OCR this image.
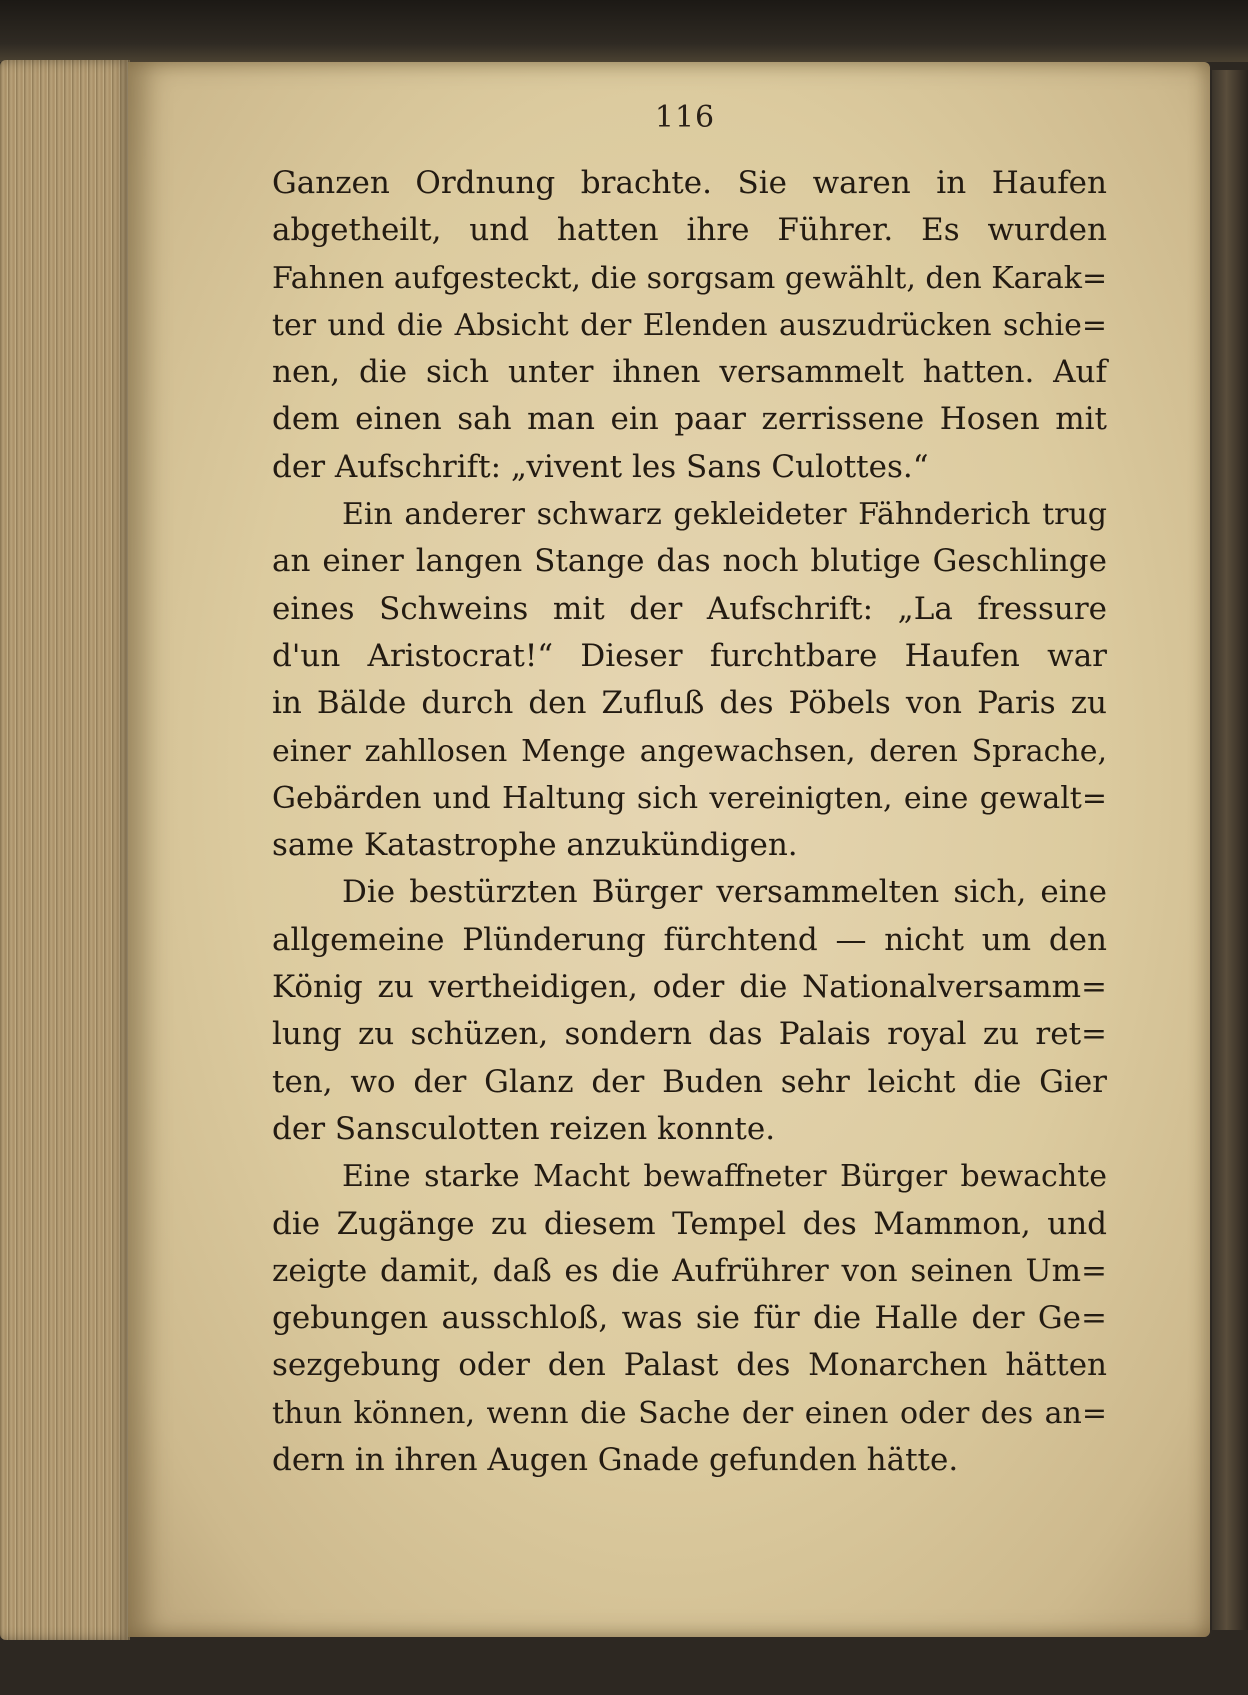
116
Ganzen Ordnung brachte. Sie waren in Haufen
abgetheilt, und hatten ihre Führer. Es wurden
Fahnen aufgesteckt, die sorgsam gewählt, den Karak=
ter und die Absicht der Elenden auszudrücken schie=
nen, die sich unter ihnen versammelt hatten. Auf
dem einen sah man ein paar zerrissene Hosen mit
der Aufschrift: „vivent les Sans Culottes.“
Ein anderer schwarz gekleideter Fähnderich trug
an einer langen Stange das noch blutige Geschlinge
eines Schweins mit der Aufschrift: „La fressure
d'un Aristocrat!“ Dieser furchtbare Haufen war
in Bälde durch den Zufluß des Pöbels von Paris zu
einer zahllosen Menge angewachsen, deren Sprache,
Gebärden und Haltung sich vereinigten, eine gewalt=
same Katastrophe anzukündigen.
Die bestürzten Bürger versammelten sich, eine
allgemeine Plünderung fürchtend — nicht um den
König zu vertheidigen, oder die Nationalversamm=
lung zu schüzen, sondern das Palais royal zu ret=
ten, wo der Glanz der Buden sehr leicht die Gier
der Sansculotten reizen konnte.
Eine starke Macht bewaffneter Bürger bewachte
die Zugänge zu diesem Tempel des Mammon, und
zeigte damit, daß es die Aufrührer von seinen Um=
gebungen ausschloß, was sie für die Halle der Ge=
sezgebung oder den Palast des Monarchen hätten
thun können, wenn die Sache der einen oder des an=
dern in ihren Augen Gnade gefunden hätte.
